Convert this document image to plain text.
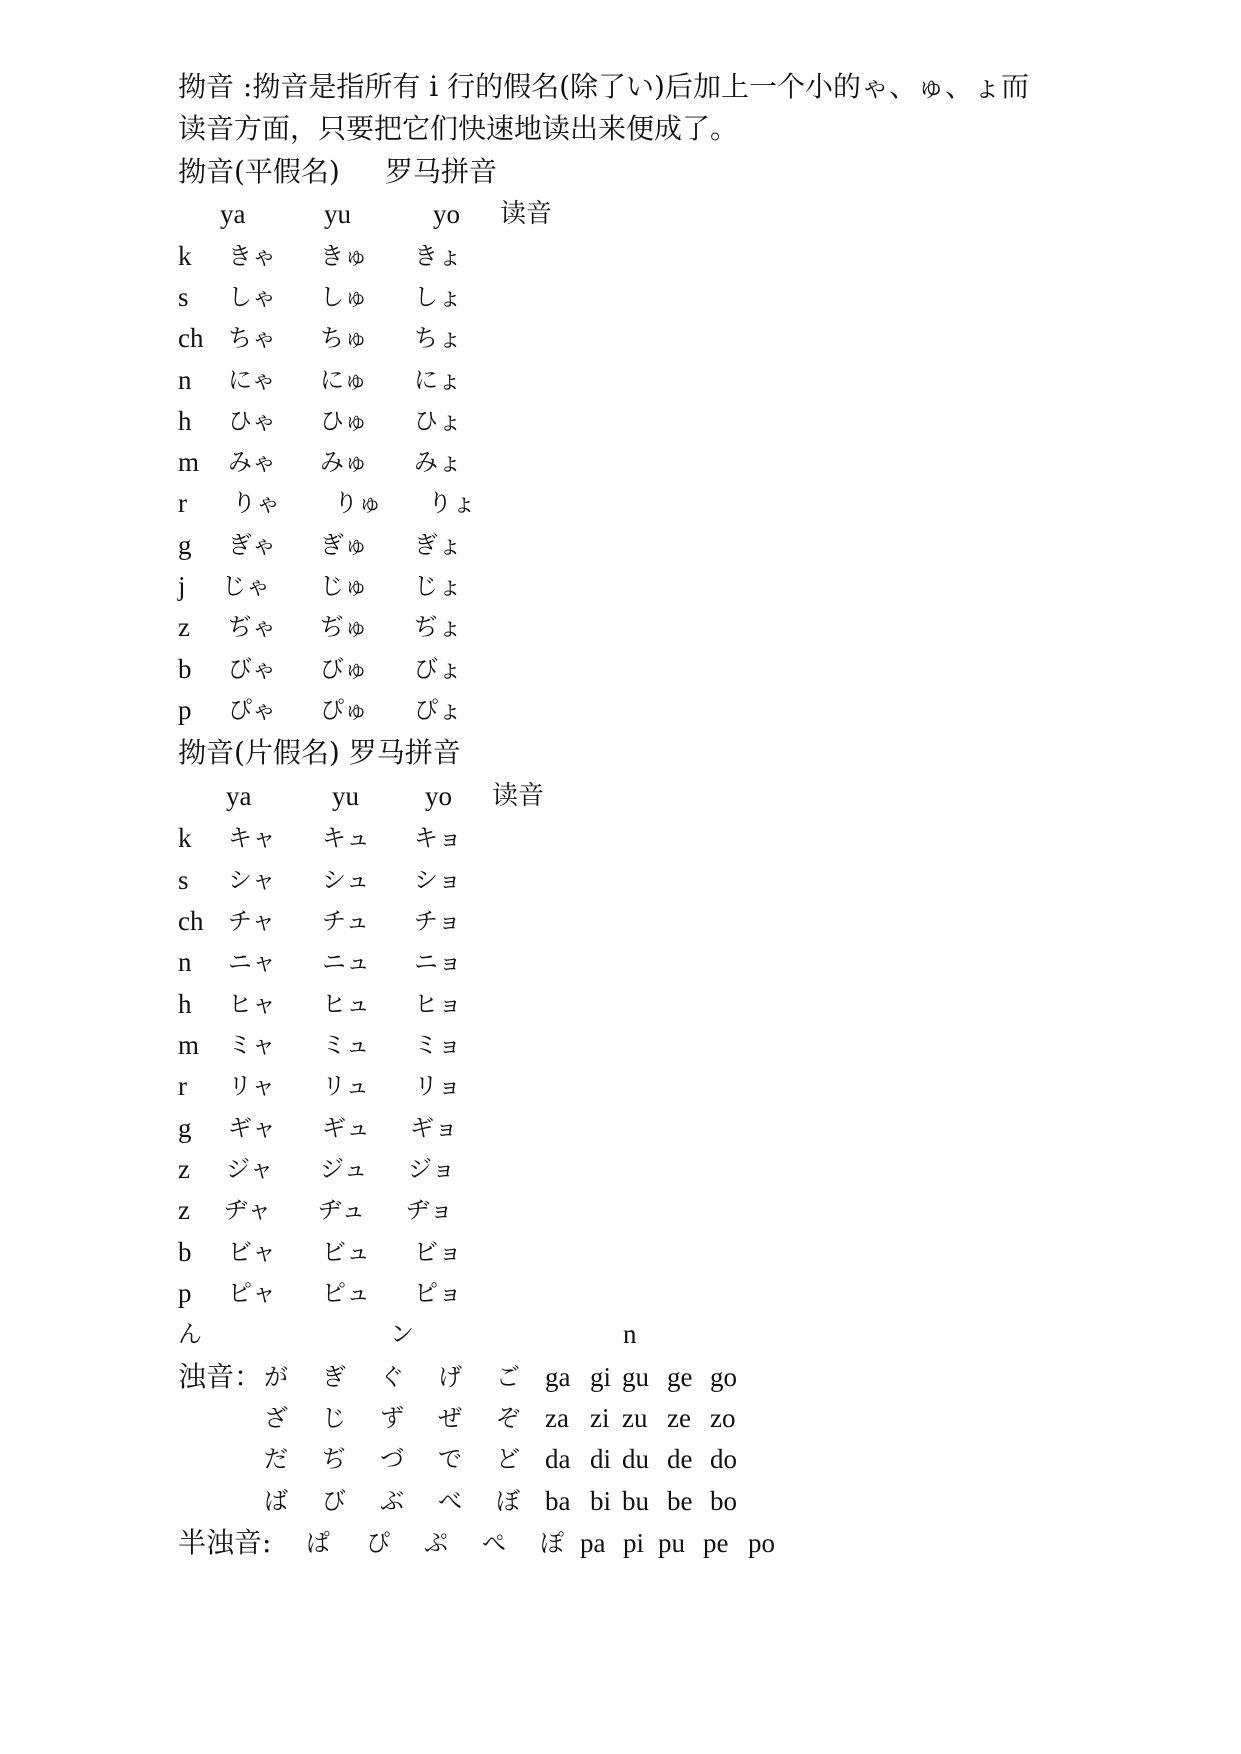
拗音 :拗音是指所有 i 行的假名(除了い)后加上一个小的ゃ、ゅ、ょ而
读音方面，只要把它们快速地读出来便成了。
拗音(平假名) 罗马拼音
ya	yu	yo 读音
k きゃ きゅ きょ
s しゃ しゅ しょ
ch ちゃ ちゅ ちょ
n にゃ にゅ にょ
h ひゃ ひゅ ひょ
m みゃ みゅ みょ
r りゃ りゅ りょ
g ぎゃ ぎゅ ぎょ
j じゃ じゅ じょ
z ぢゃ ぢゅ ぢょ
b びゃ びゅ びょ
p ぴゃ ぴゅ ぴょ
拗音(片假名) 罗马拼音
ya	yu yo 读音
k キャ キュ キョ
s シャ シュ ショ
ch チャ チュ チョ
n ニャ ニュ ニョ
h ヒャ ヒュ ヒョ
m ミャ ミュ ミョ
r リャ リュ リョ
g ギャ ギュ ギョ
z ジャ ジュ ジョ
z ヂャ ヂュ ヂョ
b ビャ ビュ ビョ
p ピャ ピュ ピョ
ん	ン	n
浊音： が ぎ ぐ げ ご ga gi gu ge go
ざ じ ず ぜ ぞ za zi zu ze zo
だ ぢ づ で ど da di du de do
ば び ぶ べ ぼ ba bi bu be bo
半浊音: ぱ ぴ ぷ ぺ ぽ pa pi pu pe po
